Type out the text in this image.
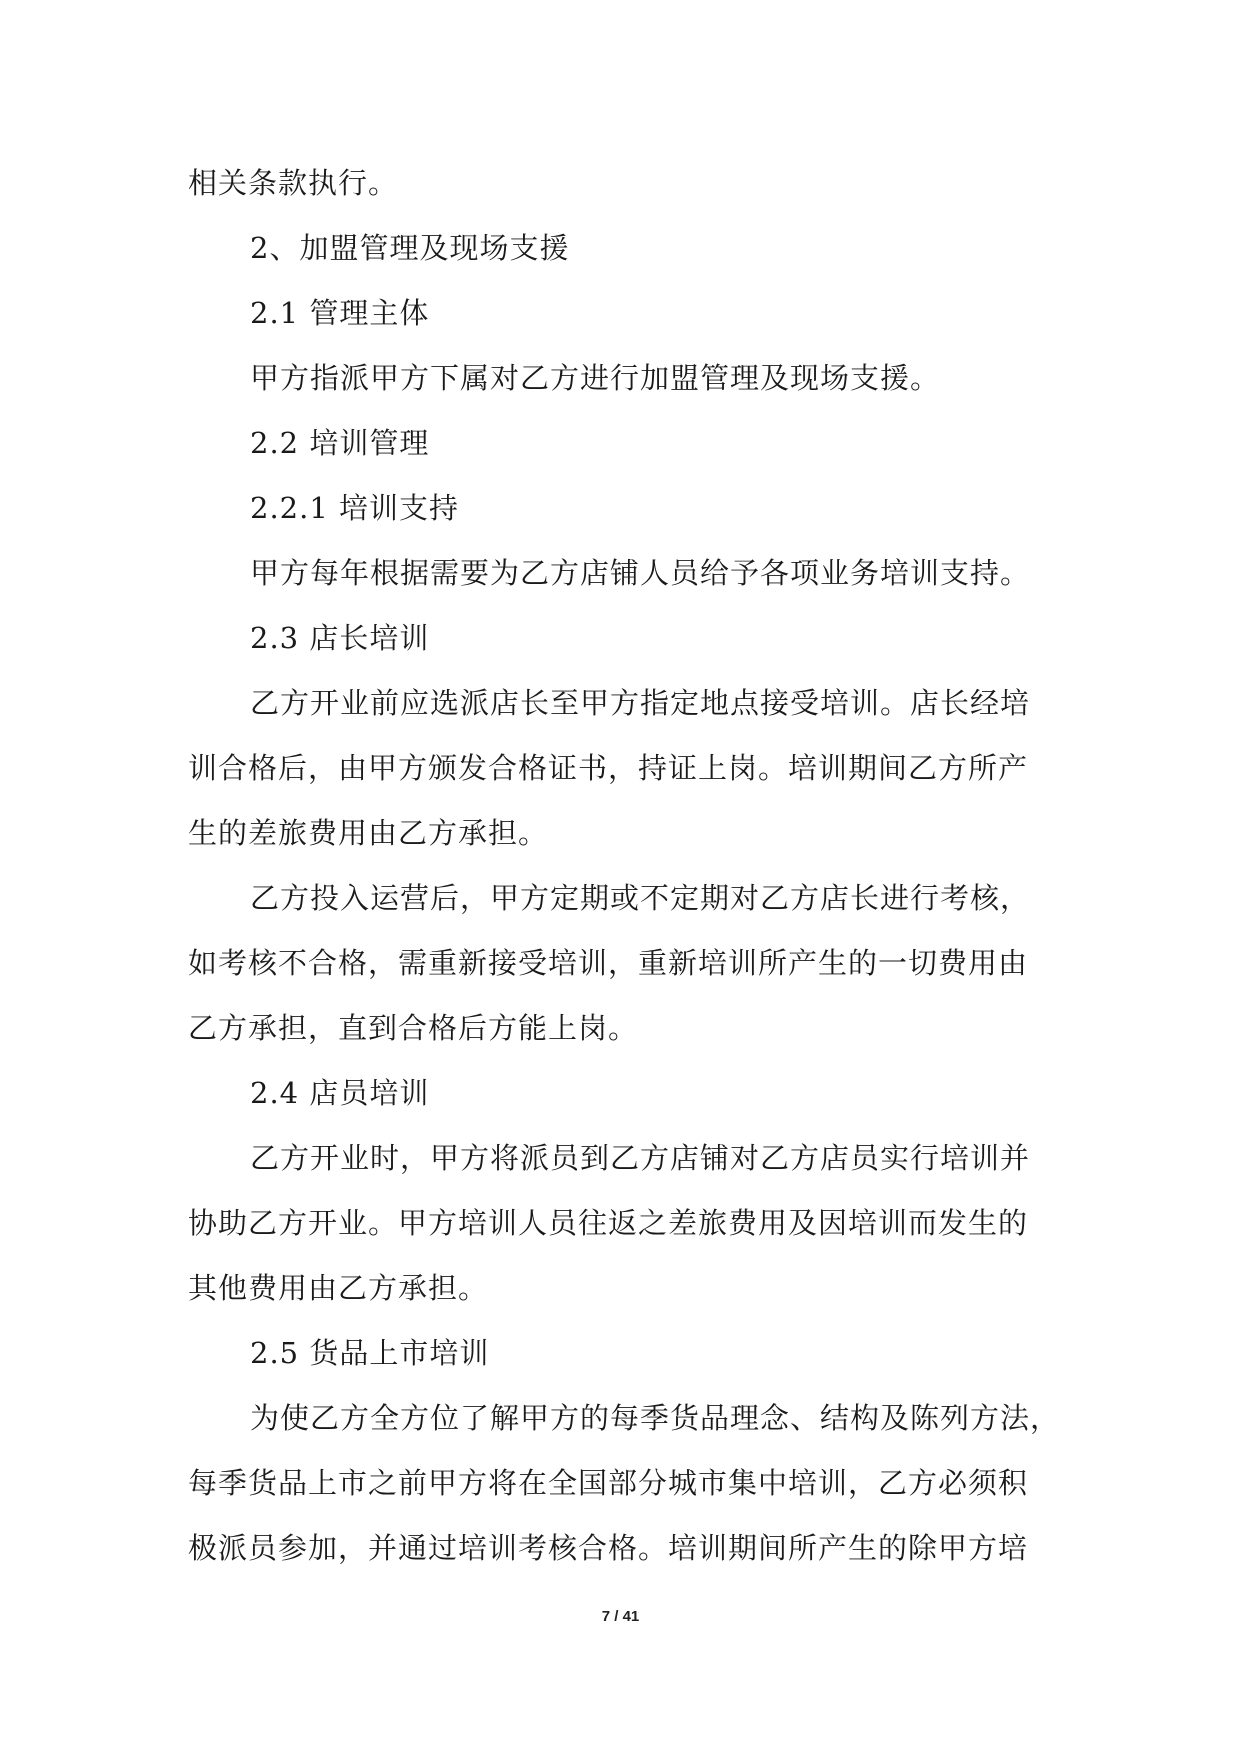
相关条款执行。
2、加盟管理及现场支援
2.1 管理主体
甲方指派甲方下属对乙方进行加盟管理及现场支援。
2.2 培训管理
2.2.1 培训支持
甲方每年根据需要为乙方店铺人员给予各项业务培训支持。
2.3 店长培训
乙方开业前应选派店长至甲方指定地点接受培训。店长经培
训合格后，由甲方颁发合格证书，持证上岗。培训期间乙方所产
生的差旅费用由乙方承担。
乙方投入运营后，甲方定期或不定期对乙方店长进行考核，
如考核不合格，需重新接受培训，重新培训所产生的一切费用由
乙方承担，直到合格后方能上岗。
2.4 店员培训
乙方开业时，甲方将派员到乙方店铺对乙方店员实行培训并
协助乙方开业。甲方培训人员往返之差旅费用及因培训而发生的
其他费用由乙方承担。
2.5 货品上市培训
为使乙方全方位了解甲方的每季货品理念、结构及陈列方法，
每季货品上市之前甲方将在全国部分城市集中培训，乙方必须积
极派员参加，并通过培训考核合格。培训期间所产生的除甲方培
7 / 41
